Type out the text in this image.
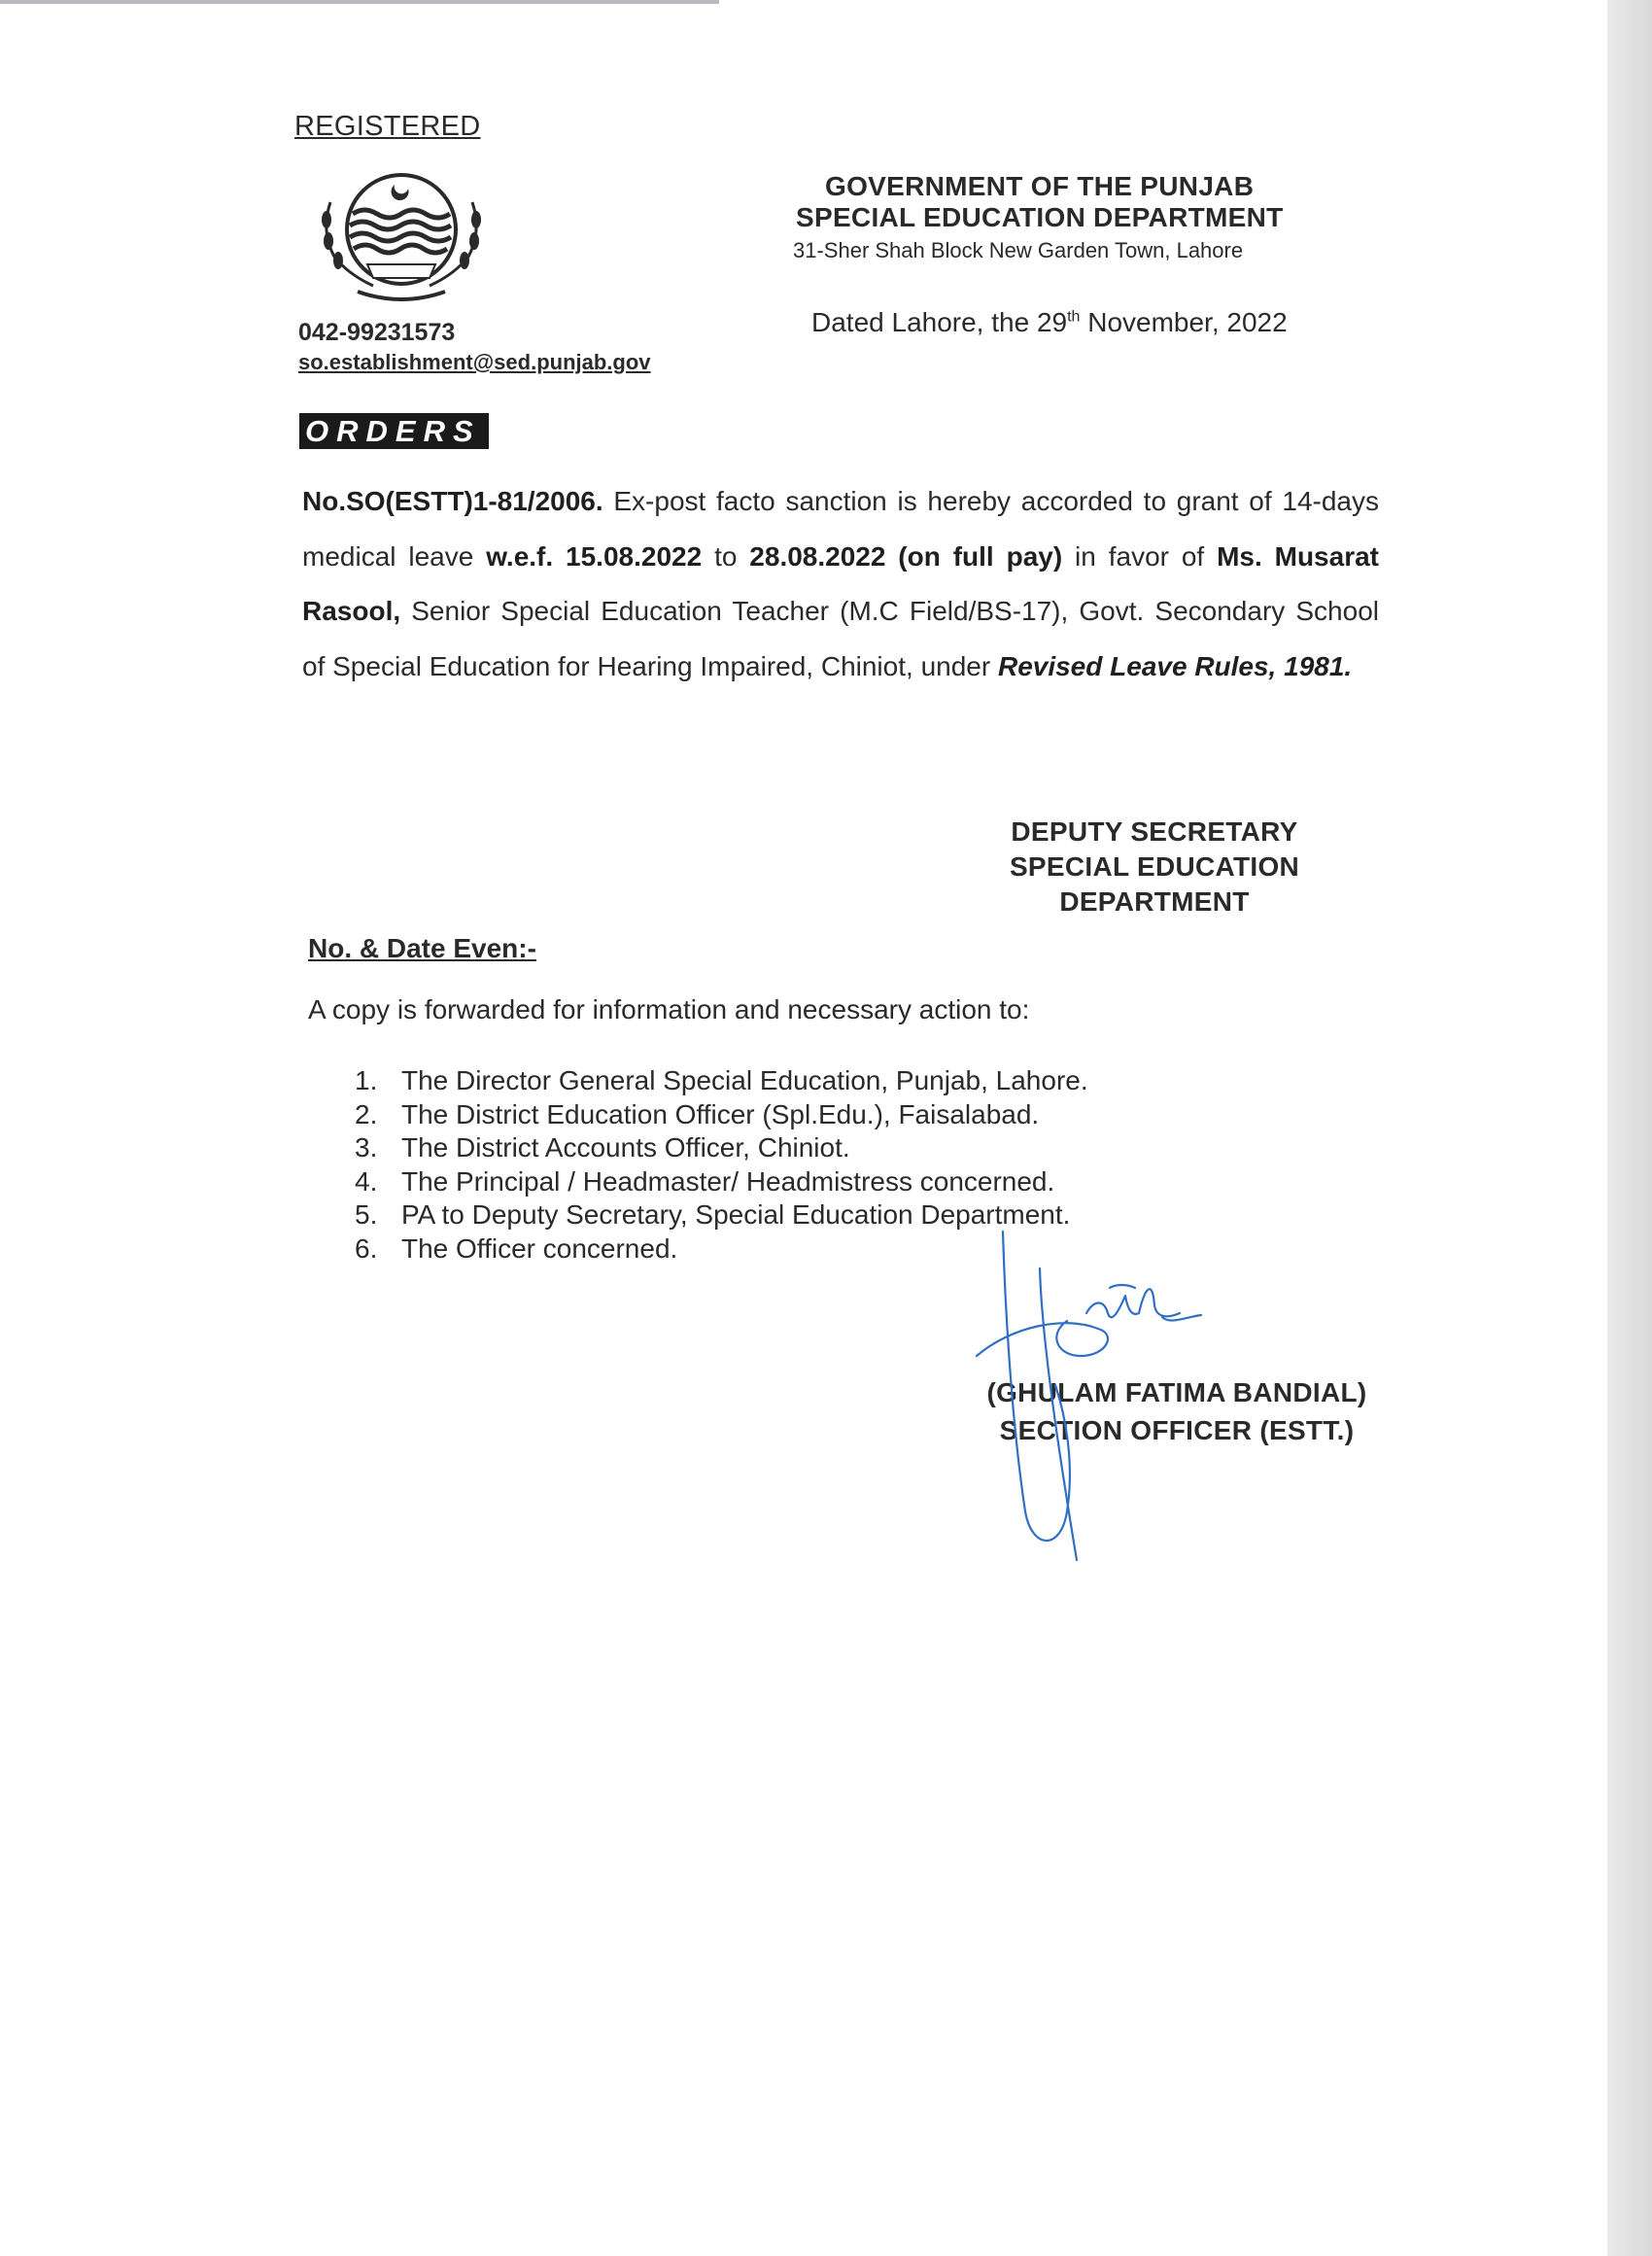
REGISTERED
042-99231573
so.establishment@sed.punjab.gov
GOVERNMENT OF THE PUNJAB
SPECIAL EDUCATION DEPARTMENT
31-Sher Shah Block New Garden Town, Lahore
Dated Lahore, the 29th November, 2022
ORDERS
No.SO(ESTT)1-81/2006. Ex-post facto sanction is hereby accorded to grant of 14-days medical leave w.e.f. 15.08.2022 to 28.08.2022 (on full pay) in favor of Ms. Musarat Rasool, Senior Special Education Teacher (M.C Field/BS-17), Govt. Secondary School of Special Education for Hearing Impaired, Chiniot, under Revised Leave Rules, 1981.
DEPUTY SECRETARY
SPECIAL EDUCATION
DEPARTMENT
No. & Date Even:-
A copy is forwarded for information and necessary action to:
1. The Director General Special Education, Punjab, Lahore.
2. The District Education Officer (Spl.Edu.), Faisalabad.
3. The District Accounts Officer, Chiniot.
4. The Principal / Headmaster/ Headmistress concerned.
5. PA to Deputy Secretary, Special Education Department.
6. The Officer concerned.
(GHULAM FATIMA BANDIAL)
SECTION OFFICER (ESTT.)
